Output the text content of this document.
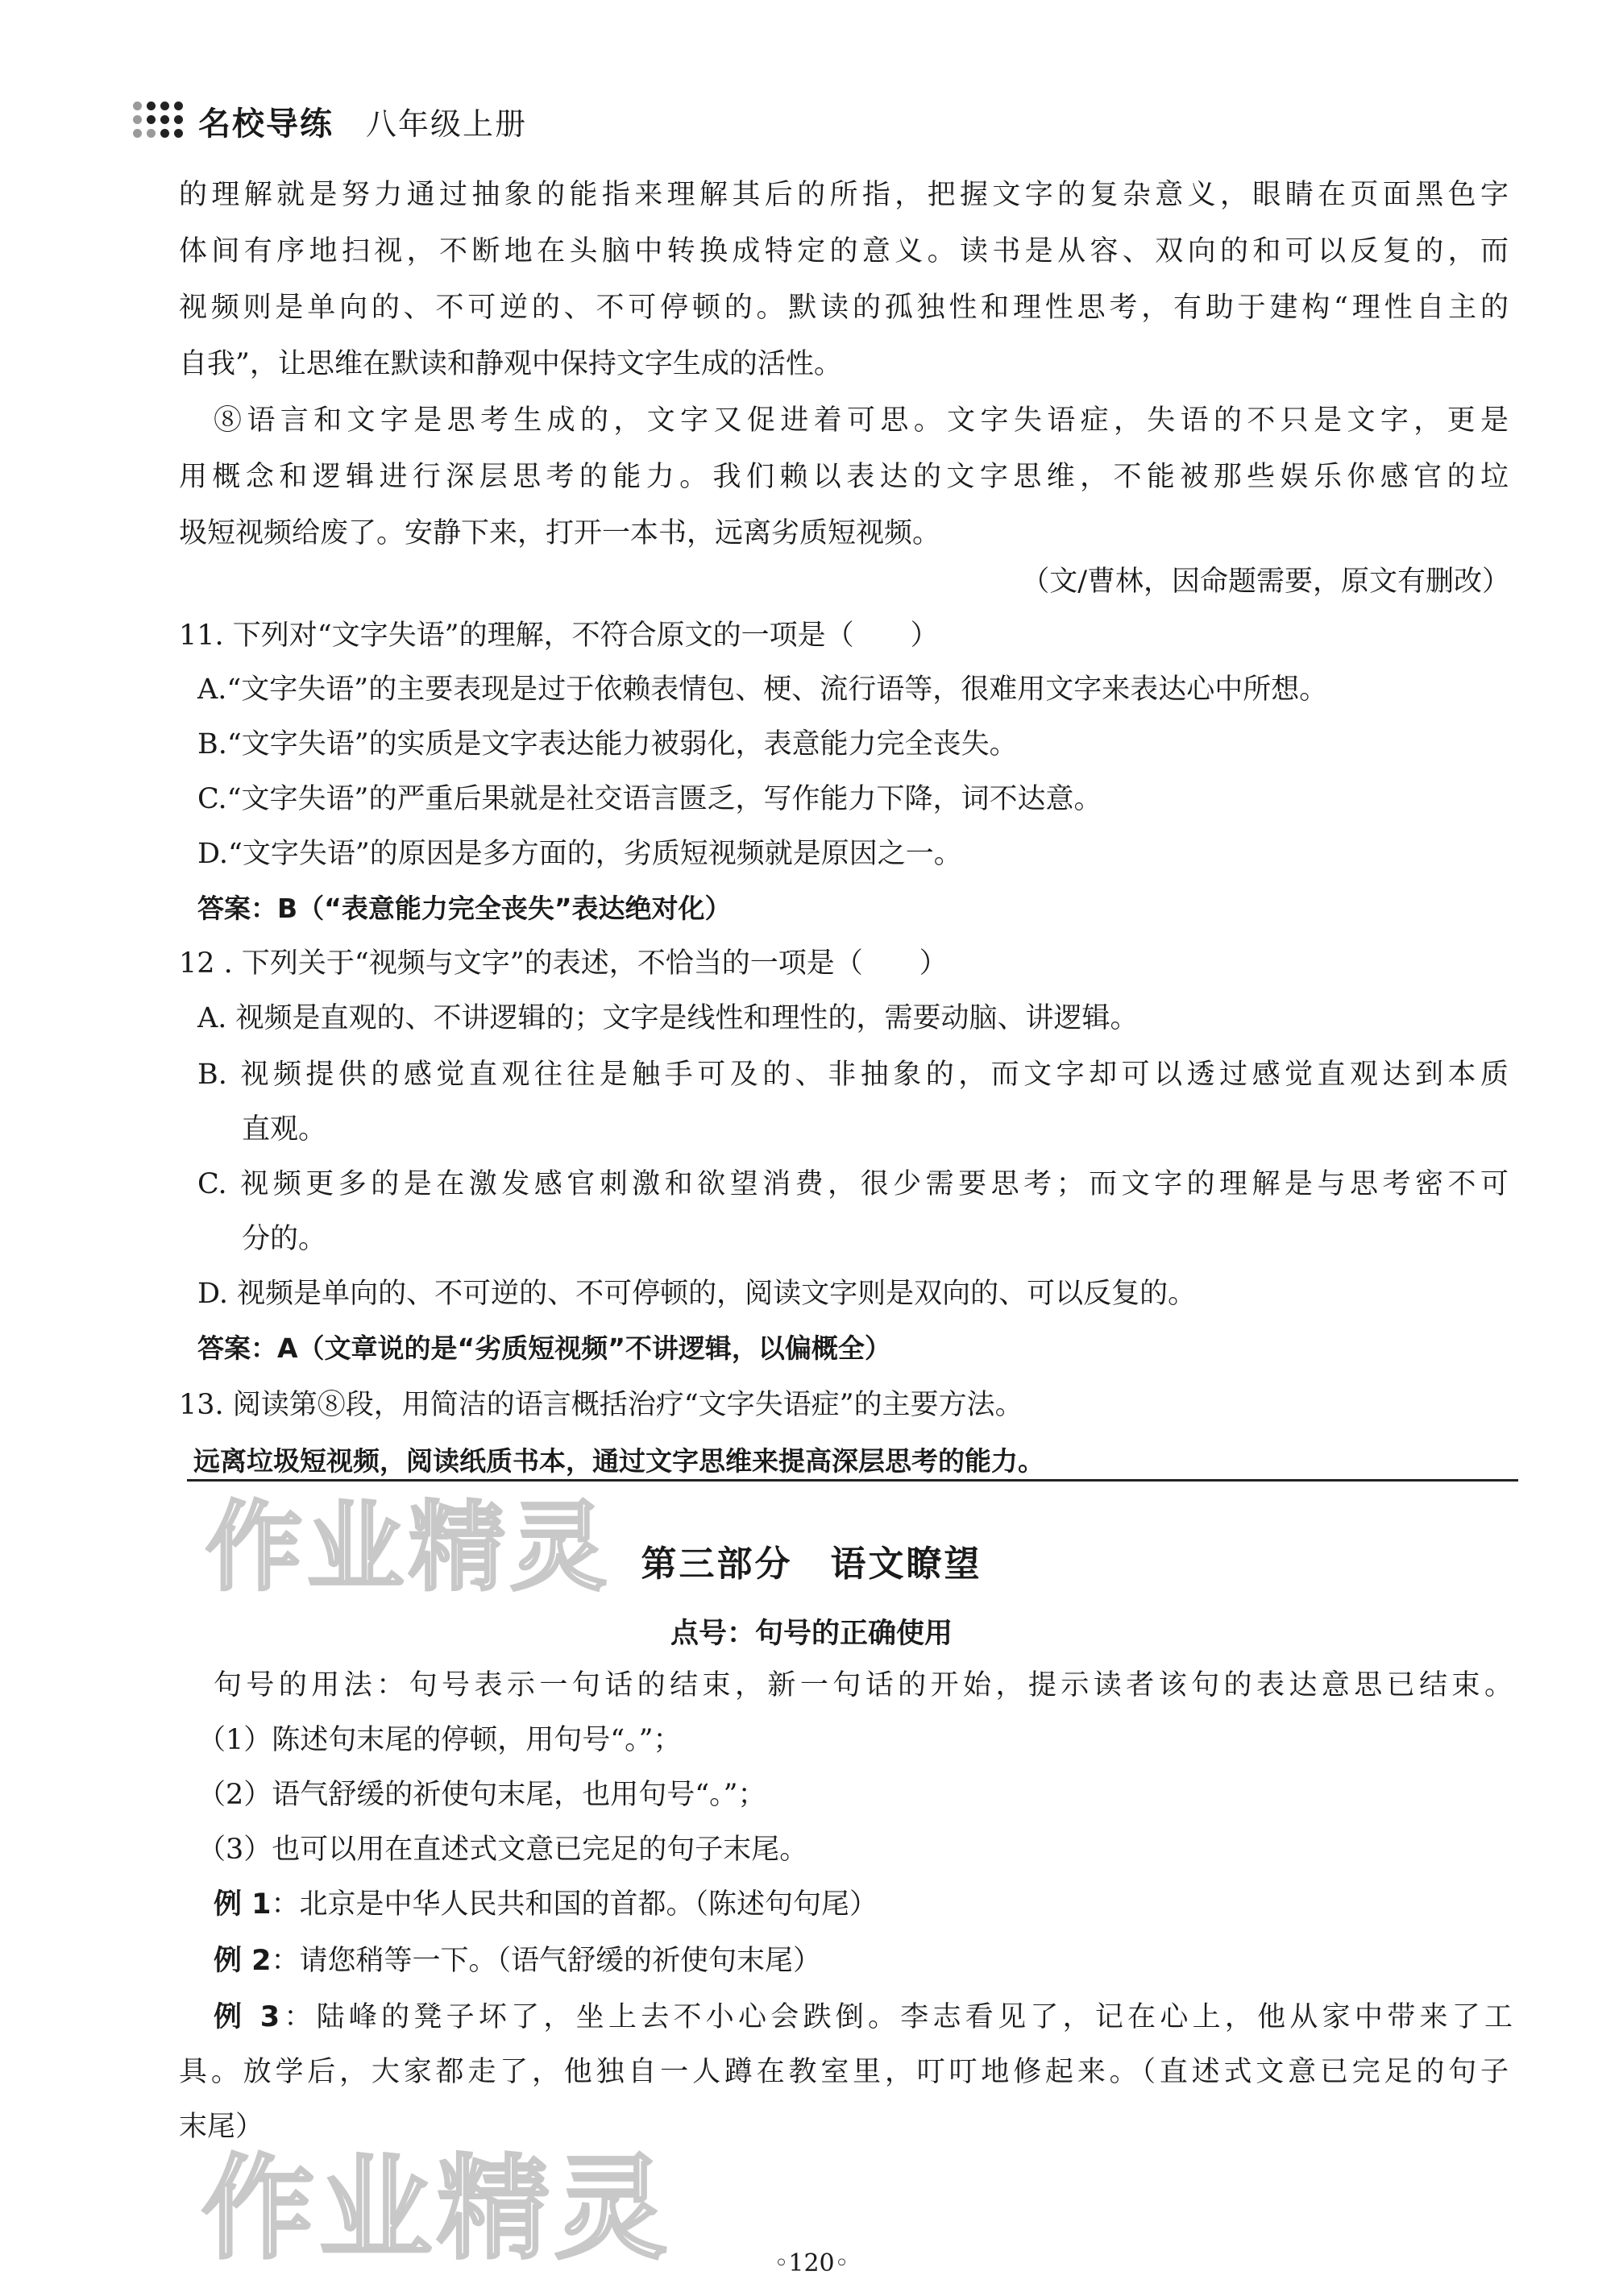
名校导练 八年级上册
的理解就是努力通过抽象的能指来理解其后的所指，把握文字的复杂意义，眼睛在页面黑色字
体间有序地扫视，不断地在头脑中转换成特定的意义。读书是从容、双向的和可以反复的，而
视频则是单向的、不可逆的、不可停顿的。默读的孤独性和理性思考，有助于建构“理性自主的
自我”，让思维在默读和静观中保持文字生成的活性。
⑧语言和文字是思考生成的，文字又促进着可思。文字失语症，失语的不只是文字，更是
用概念和逻辑进行深层思考的能力。我们赖以表达的文字思维，不能被那些娱乐你感官的垃
圾短视频给废了。安静下来，打开一本书，远离劣质短视频。
（文/曹林，因命题需要，原文有删改）
11. 下列对“文字失语”的理解，不符合原文的一项是（　　）
A.“文字失语”的主要表现是过于依赖表情包、梗、流行语等，很难用文字来表达心中所想。
B.“文字失语”的实质是文字表达能力被弱化，表意能力完全丧失。
C.“文字失语”的严重后果就是社交语言匮乏，写作能力下降，词不达意。
D.“文字失语”的原因是多方面的，劣质短视频就是原因之一。
答案：B（“表意能力完全丧失”表达绝对化）
12 . 下列关于“视频与文字”的表述，不恰当的一项是（　　）
A. 视频是直观的、不讲逻辑的；文字是线性和理性的，需要动脑、讲逻辑。
B. 视频提供的感觉直观往往是触手可及的、非抽象的，而文字却可以透过感觉直观达到本质
直观。
C. 视频更多的是在激发感官刺激和欲望消费，很少需要思考；而文字的理解是与思考密不可
分的。
D. 视频是单向的、不可逆的、不可停顿的，阅读文字则是双向的、可以反复的。
答案：A（文章说的是“劣质短视频”不讲逻辑，以偏概全）
13. 阅读第⑧段，用简洁的语言概括治疗“文字失语症”的主要方法。
远离垃圾短视频，阅读纸质书本，通过文字思维来提高深层思考的能力。
作业精灵 第三部分　语文瞭望
点号：句号的正确使用
句号的用法：句号表示一句话的结束，新一句话的开始，提示读者该句的表达意思已结束。
（1）陈述句末尾的停顿，用句号“。”；
（2）语气舒缓的祈使句末尾，也用句号“。”；
（3）也可以用在直述式文意已完足的句子末尾。
例 1：北京是中华人民共和国的首都。（陈述句句尾）
例 2：请您稍等一下。（语气舒缓的祈使句末尾）
例 3：陆峰的凳子坏了，坐上去不小心会跌倒。李志看见了，记在心上，他从家中带来了工
具。放学后，大家都走了，他独自一人蹲在教室里，叮叮地修起来。（直述式文意已完足的句子
末尾）
作业精灵	◦120◦
